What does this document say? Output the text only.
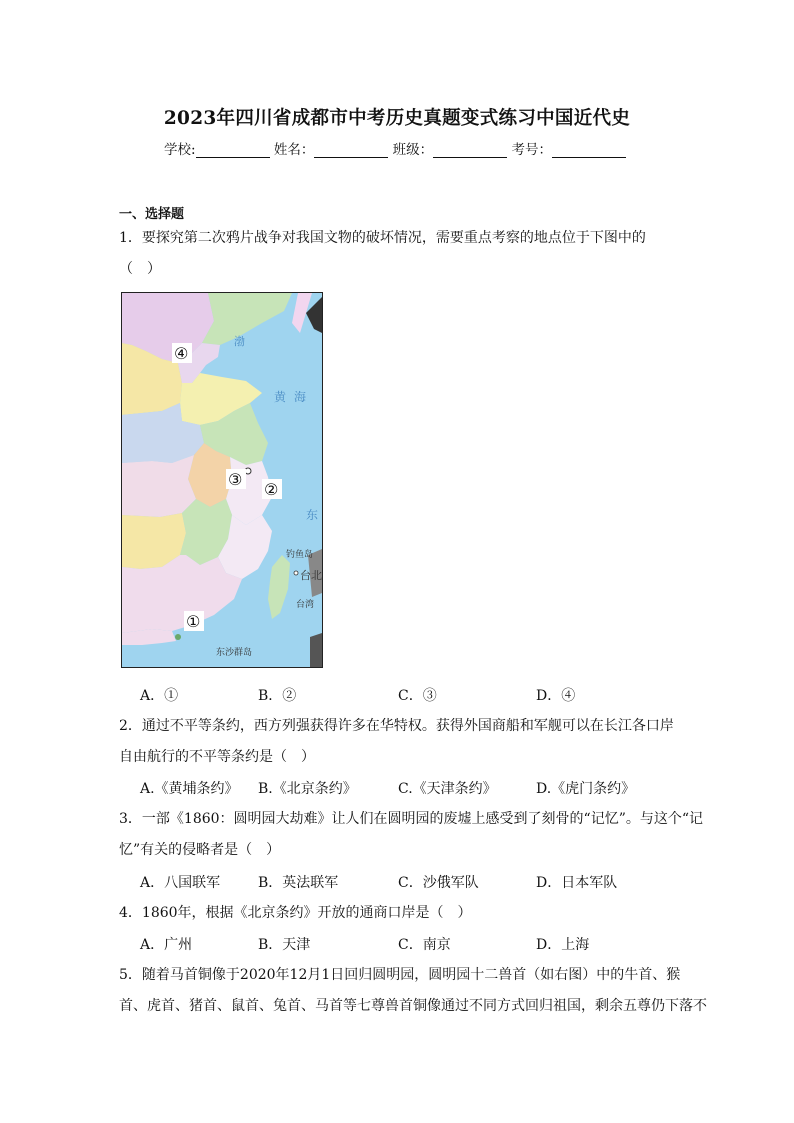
2023年四川省成都市中考历史真题变式练习中国近代史
学校:	姓名：	班级：	考号：
一、选择题
1．要探究第二次鸦片战争对我国文物的破坏情况，需要重点考察的地点位于下图中的
（　）
渤
黄 海
东
钓鱼岛
台北
台湾
东沙群岛
④
③
②
①
A．①	B．②	C．③	D．④
2．通过不平等条约，西方列强获得许多在华特权。获得外国商船和军舰可以在长江各口岸
自由航行的不平等条约是（　）
A.《黄埔条约》 B.《北京条约》	C.《天津条约》	D.《虎门条约》
3．一部《1860：圆明园大劫难》让人们在圆明园的废墟上感受到了刻骨的“记忆”。与这个“记
忆”有关的侵略者是（　）
A．八国联军	B．英法联军	C．沙俄军队	D．日本军队
4．1860年，根据《北京条约》开放的通商口岸是（　）
A．广州	B．天津	C．南京	D．上海
5．随着马首铜像于2020年12月1日回归圆明园，圆明园十二兽首（如右图）中的牛首、猴
首、虎首、猪首、鼠首、兔首、马首等七尊兽首铜像通过不同方式回归祖国，剩余五尊仍下落不
